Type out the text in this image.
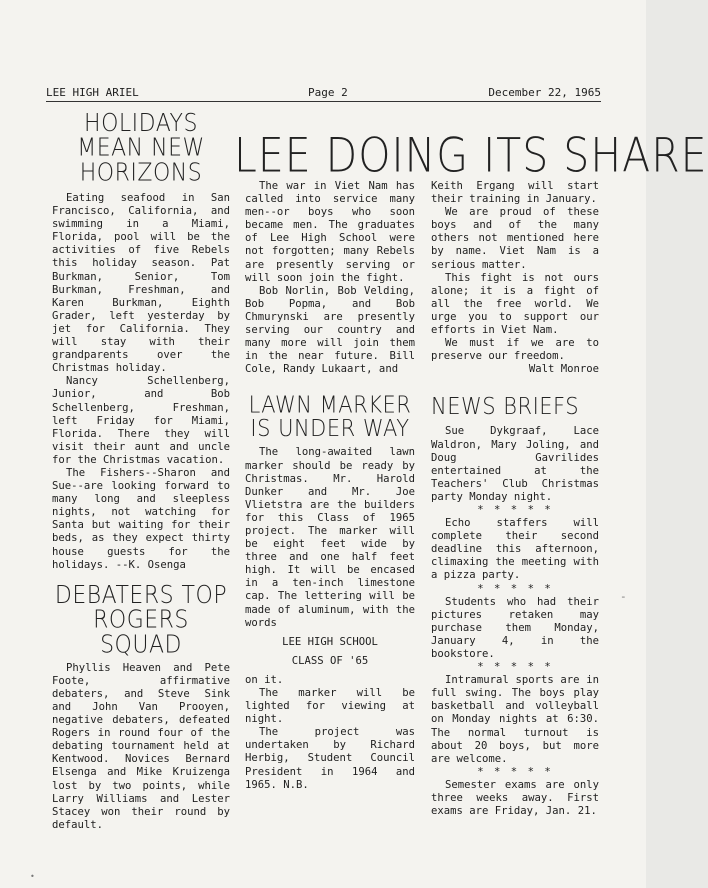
LEE HIGH ARIEL	Page 2	December 22, 1965
HOLIDAYS MEAN NEW HORIZONS

Eating seafood in San Francisco, California, and swimming in a Miami, Florida, pool will be the activities of five Rebels this holiday season. Pat Burkman, Senior, Tom Burkman, Freshman, and Karen Burkman, Eighth Grader, left yesterday by jet for California. They will stay with their grandparents over the Christmas holiday.

Nancy Schellenberg, Junior, and Bob Schellenberg, Freshman, left Friday for Miami, Florida. There they will visit their aunt and uncle for the Christmas vacation.

The Fishers--Sharon and Sue--are looking forward to many long and sleepless nights, not watching for Santa but waiting for their beds, as they expect thirty house guests for the holidays. --K. Osenga

DEBATERS TOP ROGERS SQUAD

Phyllis Heaven and Pete Foote, affirmative debaters, and Steve Sink and John Van Prooyen, negative debaters, defeated Rogers in round four of the debating tournament held at Kentwood. Novices Bernard Elsenga and Mike Kruizenga lost by two points, while Larry Williams and Lester Stacey won their round by default.

LEE DOING ITS SHARE

The war in Viet Nam has called into service many men--or boys who soon became men. The graduates of Lee High School were not forgotten; many Rebels are presently serving or will soon join the fight.

Bob Norlin, Bob Velding, Bob Popma, and Bob Chmurynski are presently serving our country and many more will join them in the near future. Bill Cole, Randy Lukaart, and

LAWN MARKER IS UNDER WAY

The long-awaited lawn marker should be ready by Christmas. Mr. Harold Dunker and Mr. Joe Vlietstra are the builders for this Class of 1965 project. The marker will be eight feet wide by three and one half feet high. It will be encased in a ten-inch limestone cap. The lettering will be made of aluminum, with the words

LEE HIGH SCHOOL

CLASS OF '65

on it.

The marker will be lighted for viewing at night.

The project was undertaken by Richard Herbig, Student Council President in 1964 and 1965. N.B.

Keith Ergang will start their training in January.

We are proud of these boys and of the many others not mentioned here by name. Viet Nam is a serious matter.

This fight is not ours alone; it is a fight of all the free world. We urge you to support our efforts in Viet Nam.

We must if we are to preserve our freedom.

Walt Monroe

NEWS BRIEFS

Sue Dykgraaf, Lace Waldron, Mary Joling, and Doug Gavrilides entertained at the Teachers' Club Christmas party Monday night.

* * * * *

Echo staffers will complete their second deadline this afternoon, climaxing the meeting with a pizza party.

* * * * *

Students who had their pictures retaken may purchase them Monday, January 4, in the bookstore.

* * * * *

Intramural sports are in full swing. The boys play basketball and volleyball on Monday nights at 6:30. The normal turnout is about 20 boys, but more are welcome.

* * * * *

Semester exams are only three weeks away. First exams are Friday, Jan. 21.

-
•
